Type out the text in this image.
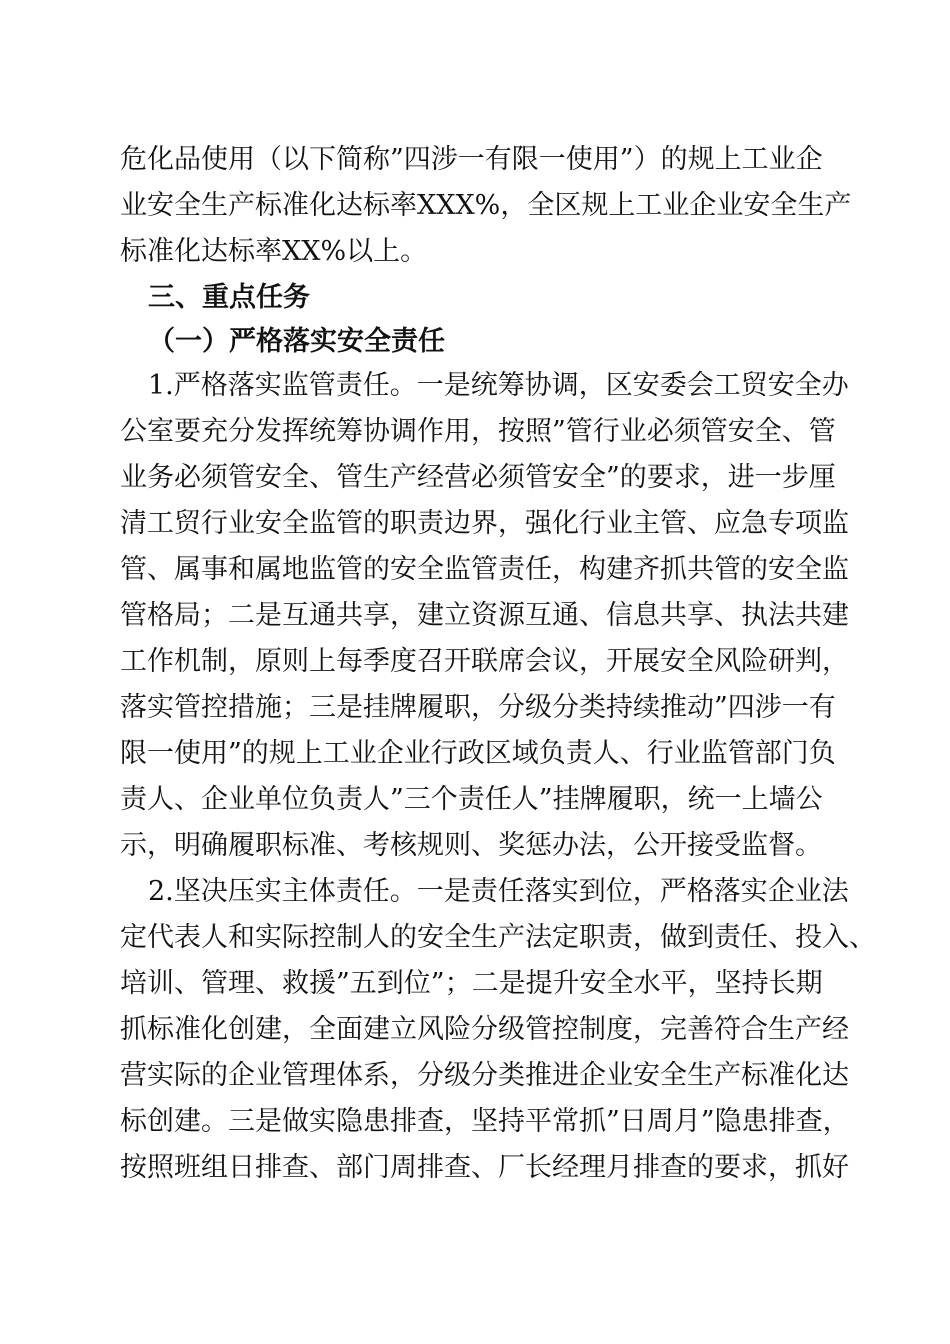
危化品使用（以下简称”四涉一有限一使用”）的规上工业企
业安全生产标准化达标率XXX%，全区规上工业企业安全生产
标准化达标率XX%以上。
三、重点任务
（一）严格落实安全责任
1.严格落实监管责任。一是统筹协调，区安委会工贸安全办
公室要充分发挥统筹协调作用，按照”管行业必须管安全、管
业务必须管安全、管生产经营必须管安全”的要求，进一步厘
清工贸行业安全监管的职责边界，强化行业主管、应急专项监
管、属事和属地监管的安全监管责任，构建齐抓共管的安全监
管格局；二是互通共享，建立资源互通、信息共享、执法共建
工作机制，原则上每季度召开联席会议，开展安全风险研判，
落实管控措施；三是挂牌履职，分级分类持续推动”四涉一有
限一使用”的规上工业企业行政区域负责人、行业监管部门负
责人、企业单位负责人”三个责任人”挂牌履职，统一上墙公
示，明确履职标准、考核规则、奖惩办法，公开接受监督。
2.坚决压实主体责任。一是责任落实到位，严格落实企业法
定代表人和实际控制人的安全生产法定职责，做到责任、投入、
培训、管理、救援”五到位”；二是提升安全水平，坚持长期
抓标准化创建，全面建立风险分级管控制度，完善符合生产经
营实际的企业管理体系，分级分类推进企业安全生产标准化达
标创建。三是做实隐患排查，坚持平常抓”日周月”隐患排查，
按照班组日排查、部门周排查、厂长经理月排查的要求，抓好
